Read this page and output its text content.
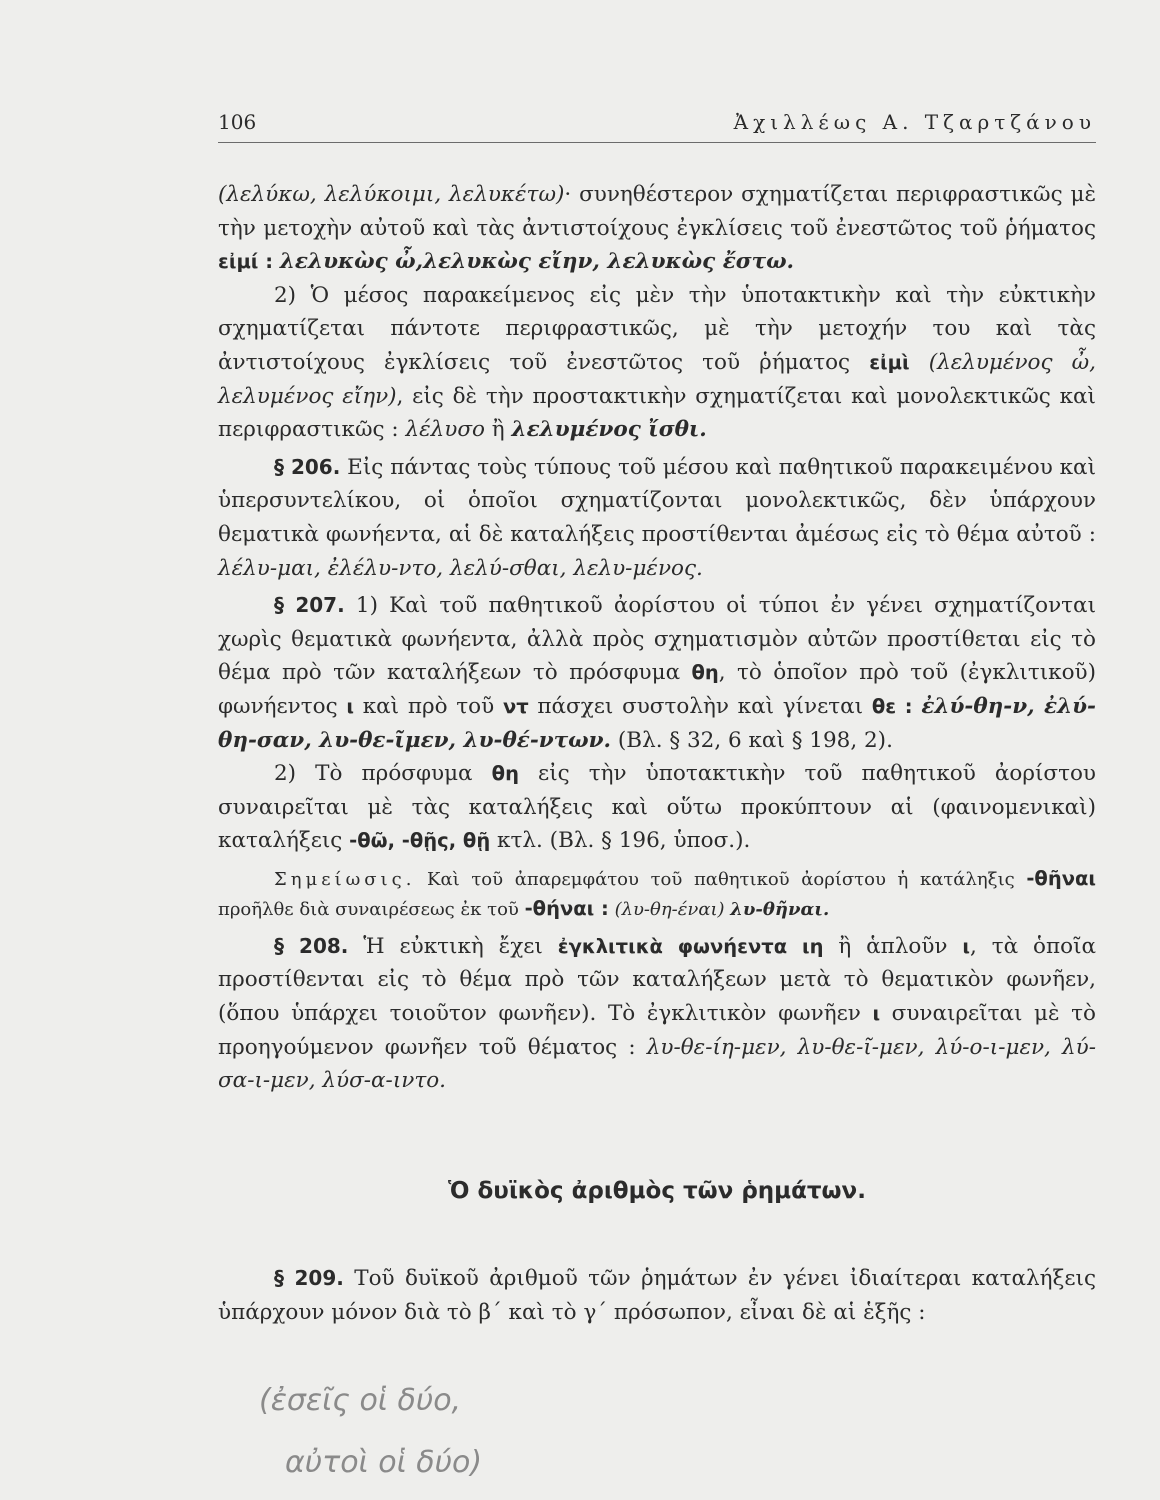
106	Ἀχιλλέως Α. Τζαρτζάνου

(λελύκω, λελύκοιμι, λελυκέτω)· συνηθέστερον σχηματίζεται περιφραστικῶς μὲ τὴν μετοχὴν αὐτοῦ καὶ τὰς ἀντιστοίχους ἐγκλίσεις τοῦ ἐνεστῶτος τοῦ ῥήματος εἰμί : λελυκὼς ὦ,λελυκὼς εἴην, λελυκὼς ἔστω.

2) Ὁ μέσος παρακείμενος εἰς μὲν τὴν ὑποτακτικὴν καὶ τὴν εὐκτικὴν σχηματίζεται πάντοτε περιφραστικῶς, μὲ τὴν μετοχήν του καὶ τὰς ἀντιστοίχους ἐγκλίσεις τοῦ ἐνεστῶτος τοῦ ῥήματος εἰμὶ (λελυμένος ὦ, λελυμένος εἴην), εἰς δὲ τὴν προστακτικὴν σχηματίζεται καὶ μονολεκτικῶς καὶ περιφραστικῶς : λέλυσο ἢ λελυμένος ἴσθι.

§ 206. Εἰς πάντας τοὺς τύπους τοῦ μέσου καὶ παθητικοῦ παρακειμένου καὶ ὑπερσυντελίκου, οἱ ὁποῖοι σχηματίζονται μονολεκτικῶς, δὲν ὑπάρχουν θεματικὰ φωνήεντα, αἱ δὲ καταλήξεις προστίθενται ἀμέσως εἰς τὸ θέμα αὐτοῦ : λέλυ-μαι, ἐλέλυ-ντο, λελύ-σθαι, λελυ-μένος.

§ 207. 1) Καὶ τοῦ παθητικοῦ ἀορίστου οἱ τύποι ἐν γένει σχηματίζονται χωρὶς θεματικὰ φωνήεντα, ἀλλὰ πρὸς σχηματισμὸν αὐτῶν προστίθεται εἰς τὸ θέμα πρὸ τῶν καταλήξεων τὸ πρόσφυμα θη, τὸ ὁποῖον πρὸ τοῦ (ἐγκλιτικοῦ) φωνήεντος ι καὶ πρὸ τοῦ ντ πάσχει συστολὴν καὶ γίνεται θε : ἐλύ-θη-ν, ἐλύ-θη-σαν, λυ-θε-ῖμεν, λυ-θέ-ντων. (Βλ. § 32, 6 καὶ § 198, 2).

2) Τὸ πρόσφυμα θη εἰς τὴν ὑποτακτικὴν τοῦ παθητικοῦ ἀορίστου συναιρεῖται μὲ τὰς καταλήξεις καὶ οὕτω προκύπτουν αἱ (φαινομενικαὶ) καταλήξεις -θῶ, -θῇς, θῇ κτλ. (Βλ. § 196, ὑποσ.).

Σημείωσις. Καὶ τοῦ ἀπαρεμφάτου τοῦ παθητικοῦ ἀορίστου ἡ κατάληξις -θῆναι προῆλθε διὰ συναιρέσεως ἐκ τοῦ -θήναι : (λυ-θη-έναι) λυ-θῆναι.

§ 208. Ἡ εὐκτικὴ ἔχει ἐγκλιτικὰ φωνήεντα ιη ἢ ἁπλοῦν ι, τὰ ὁποῖα προστίθενται εἰς τὸ θέμα πρὸ τῶν καταλήξεων μετὰ τὸ θεματικὸν φωνῆεν, (ὅπου ὑπάρχει τοιοῦτον φωνῆεν). Τὸ ἐγκλιτικὸν φωνῆεν ι συναιρεῖται μὲ τὸ προηγούμενον φωνῆεν τοῦ θέματος : λυ-θε-ίη-μεν, λυ-θε-ῖ-μεν, λύ-ο-ι-μεν, λύ-σα-ι-μεν, λύσ-α-ιντο.

Ὁ δυϊκὸς ἀριθμὸς τῶν ῥημάτων.

§ 209. Τοῦ δυϊκοῦ ἀριθμοῦ τῶν ῥημάτων ἐν γένει ἰδιαίτεραι καταλήξεις ὑπάρχουν μόνον διὰ τὸ β΄ καὶ τὸ γ΄ πρόσωπον, εἶναι δὲ αἱ ἑξῆς :

(ἐσεῖς οἱ δύο,
αὐτοὶ οἱ δύο)
